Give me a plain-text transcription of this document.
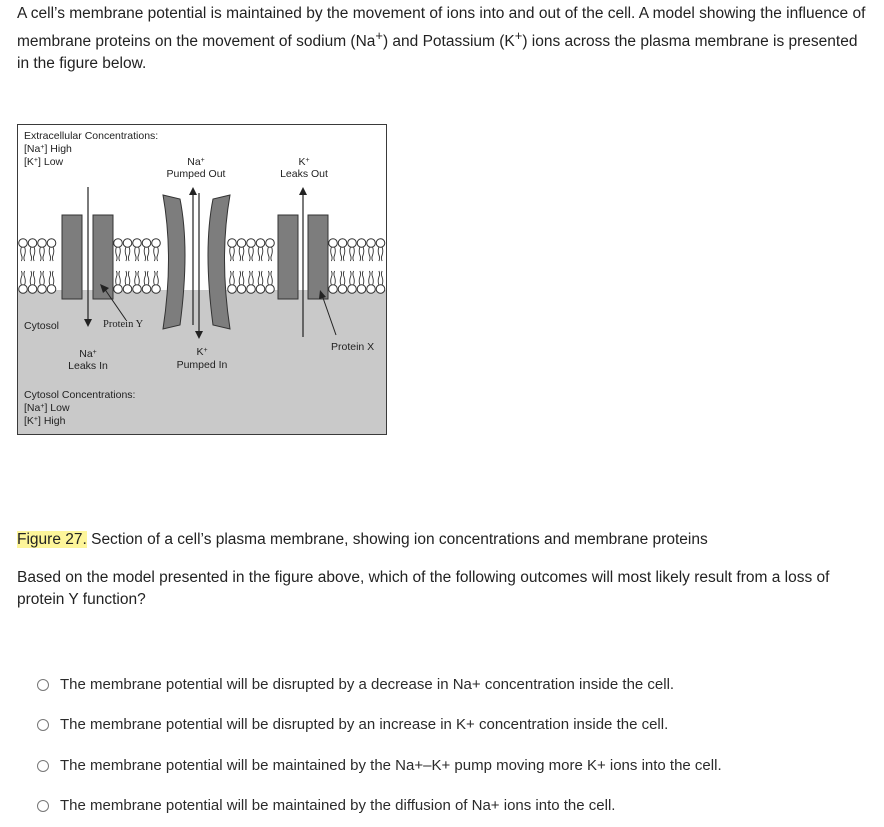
A cell’s membrane potential is maintained by the movement of ions into and out of the cell. A model showing the influence of membrane proteins on the movement of sodium (Na+) and Potassium (K+) ions across the plasma membrane is presented in the figure below.

Extracellular Concentrations:
[Na+] High
[K+] Low	Na+
Pumped Out
K+
Leaks Out
Cytosol	Protein Y
Protein X
Na+
Leaks In
K+
Pumped In
Cytosol Concentrations:
[Na+] Low
[K+] High

Figure 27. Section of a cell’s plasma membrane, showing ion concentrations and membrane proteins

Based on the model presented in the figure above, which of the following outcomes will most likely result from a loss of protein Y function?

The membrane potential will be disrupted by a decrease in Na+ concentration inside the cell.
The membrane potential will be disrupted by an increase in K+ concentration inside the cell.
The membrane potential will be maintained by the Na+–K+ pump moving more K+ ions into the cell.
The membrane potential will be maintained by the diffusion of Na+ ions into the cell.
